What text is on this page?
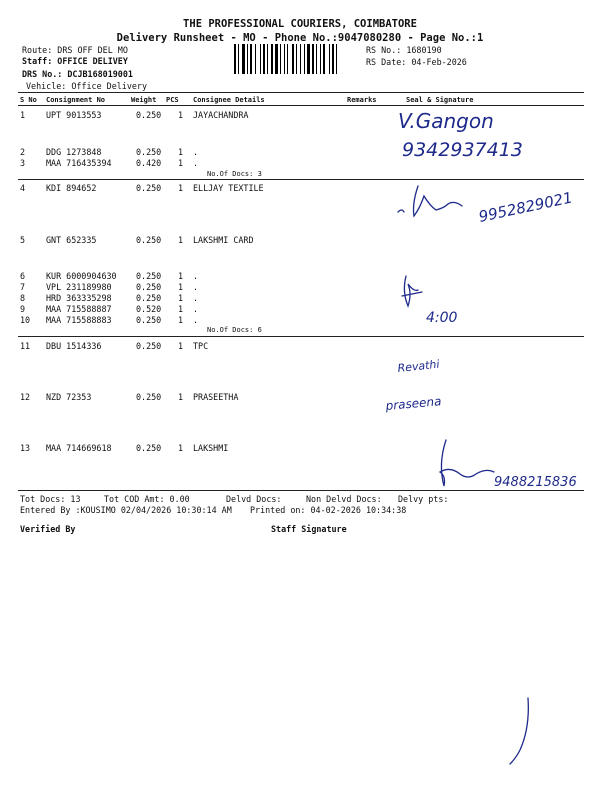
THE PROFESSIONAL COURIERS, COIMBATORE
Delivery Runsheet - MO - Phone No.:9047080280 - Page No.:1
Route: DRS OFF DEL MO
Staff: OFFICE DELIVEY
DRS No.: DCJB168019001
Vehicle: Office Delivery
RS No.: 1680190
RS Date: 04-Feb-2026
S No Consignment No	Weight PCS Consignee Details	Remarks	Seal & Signature
1 UPT 9013553	0.250 1 JAYACHANDRA
2 DDG 1273848	0.250 1 .
3 MAA 716435394	0.420 1 .
No.Of Docs: 3
4 KDI 894652	0.250 1 ELLJAY TEXTILE
5 GNT 652335	0.250 1 LAKSHMI CARD
6 KUR 6000904630 0.250 1 .
7 VPL 231189980	0.250 1 .
8 HRD 363335298	0.250 1 .
9 MAA 715588887	0.520 1 .
10 MAA 715588883	0.250 1 .
No.Of Docs: 6
11 DBU 1514336	0.250 1 TPC
12 NZD 72353	0.250 1 PRASEETHA
13 MAA 714669618	0.250 1 LAKSHMI
Tot Docs: 13	Tot COD Amt: 0.00	Delvd Docs:	Non Delvd Docs: Delvy pts:
Entered By :KOUSIMO 02/04/2026 10:30:14 AM Printed on: 04-02-2026 10:34:38
Verified By	Staff Signature
V.Gangon
9342937413
9952829021
4:00
Revathi
praseena
9488215836
